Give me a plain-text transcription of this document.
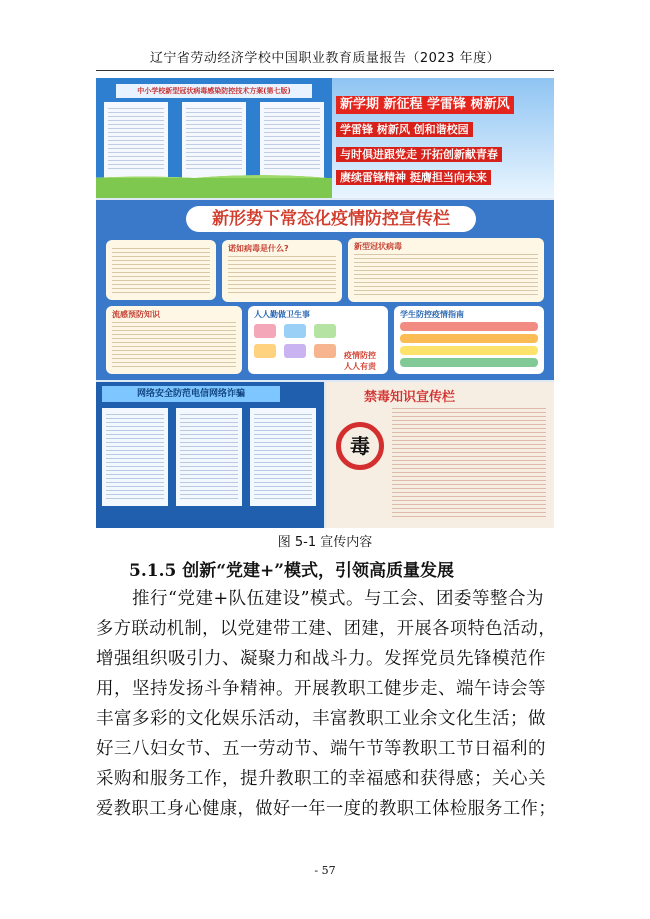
辽宁省劳动经济学校中国职业教育质量报告（2023 年度）
中小学校新型冠状病毒感染防控技术方案(第七版)
新学期 新征程 学雷锋 树新风
学雷锋 树新风 创和谐校园
与时俱进跟党走 开拓创新献青春
赓续雷锋精神 挺膺担当向未来
新形势下常态化疫情防控宣传栏
诺如病毒是什么?	新型冠状病毒
流感预防知识	人人勤做卫生事
疫情防控 人人有责
学生防控疫情指南
网络安全防范电信网络诈骗	禁毒知识宣传栏
毒
图 5-1 宣传内容
5.1.5 创新“党建+”模式，引领高质量发展
推行“党建+队伍建设”模式。与工会、团委等整合为
多方联动机制，以党建带工建、团建，开展各项特色活动，
增强组织吸引力、凝聚力和战斗力。发挥党员先锋模范作
用，坚持发扬斗争精神。开展教职工健步走、端午诗会等
丰富多彩的文化娱乐活动，丰富教职工业余文化生活；做
好三八妇女节、五一劳动节、端午节等教职工节日福利的
采购和服务工作，提升教职工的幸福感和获得感；关心关
爱教职工身心健康，做好一年一度的教职工体检服务工作；
- 57
